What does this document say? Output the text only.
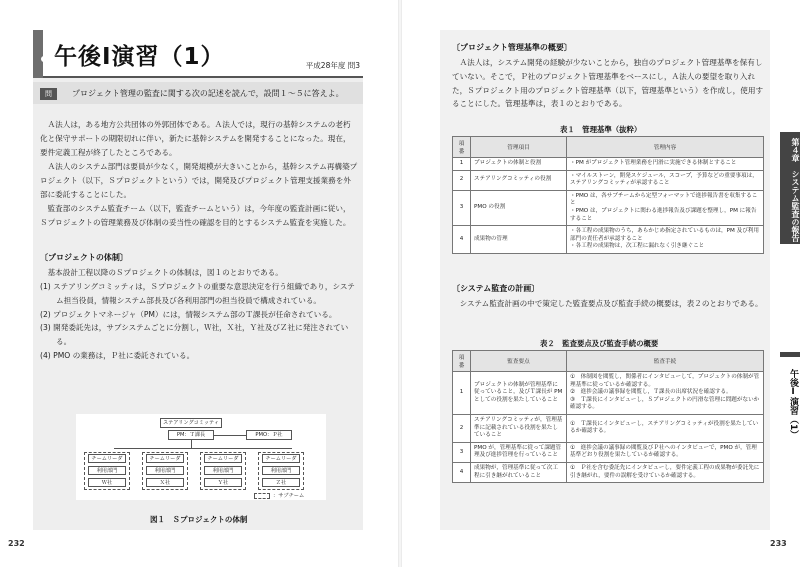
午後Ⅰ演習（1）	平成28年度 問3
問	プロジェクト管理の監査に関する次の記述を読んで，設問１～５に答えよ。
Ａ法人は，ある地方公共団体の外郭団体である。Ａ法人では，現行の基幹システムの老朽化と保守サポートの期限切れに伴い，新たに基幹システムを開発することになった。現在，要件定義工程が終了したところである。
Ａ法人のシステム部門は要員が少なく，開発規模が大きいことから，基幹システム再構築プロジェクト（以下，Ｓプロジェクトという）では，開発及びプロジェクト管理支援業務を外部に委託することにした。
監査部のシステム監査チーム（以下，監査チームという）は，今年度の監査計画に従い，Ｓプロジェクトの管理業務及び体制の妥当性の確認を目的とするシステム監査を実施した。
〔プロジェクトの体制〕
基本設計工程以降のＳプロジェクトの体制は，図１のとおりである。
(1) ステアリングコミッティは，Ｓプロジェクトの重要な意思決定を行う組織であり，システム担当役員，情報システム部長及び各利用部門の担当役員で構成されている。
(2) プロジェクトマネージャ（PM）には，情報システム部のＴ課長が任命されている。
(3) 開発委託先は，サブシステムごとに分割し，Ｗ社，Ｘ社，Ｙ社及びＺ社に発注されている。
(4) PMO の業務は，Ｐ社に委託されている。
ステアリングコミッティ
PM：Ｔ課長	PMO：Ｐ社
チームリーダ
利用部門
Ｗ社
チームリーダ
利用部門
Ｘ社
チームリーダ
利用部門
Ｙ社
チームリーダ
利用部門
Ｚ社
：サブチーム
図１　Ｓプロジェクトの体制
232
〔プロジェクト管理基準の概要〕
Ａ法人は，システム開発の経験が少ないことから，独自のプロジェクト管理基準を保有していない。そこで，Ｐ社のプロジェクト管理基準をベースにし，Ａ法人の要望を取り入れた，Ｓプロジェクト用のプロジェクト管理基準（以下，管理基準という）を作成し，使用することにした。管理基準は，表１のとおりである。
表１　管理基準（抜粋）
項番	管理項目	管理内容
1	プロジェクトの体制と役割	・PM がプロジェクト管理業務を円滑に実施できる体制とすること
2	ステアリングコミッティの役割	・マイルストーン，開発スケジュール，スコープ，予算などの重要事項は，ステアリングコミッティが承認すること
3	PMO の役割	・PMO は，各サブチームから定型フォーマットで進捗報告書を収集すること
・PMO は，プロジェクトに関わる進捗報告及び課題を整理し，PM に報告すること
4	成果物の管理	・各工程の成果物のうち，あらかじめ指定されているものは，PM 及び利用部門の責任者が承認すること
・各工程の成果物は，次工程に漏れなく引き継ぐこと
〔システム監査の計画〕
システム監査計画の中で策定した監査要点及び監査手続の概要は，表２のとおりである。
表２　監査要点及び監査手続の概要
項番	監査要点	監査手続
1	プロジェクトの体制が管理基準に従っていること，及びＴ課長が PM としての役割を果たしていること	①　体制図を閲覧し，関係者にインタビューして，プロジェクトの体制が管理基準に従っているか確認する。
②　進捗会議の議事録を閲覧し，Ｔ課長の出席状況を確認する。
③　Ｔ課長にインタビューし，Ｓプロジェクトの円滑な管理に問題がないか確認する。
2	ステアリングコミッティが，管理基準に記載されている役割を果たしていること	①　Ｔ課長にインタビューし，ステアリングコミッティが役割を果たしているか確認する。
3	PMO が，管理基準に従って課題管理及び進捗管理を行っていること	①　進捗会議の議事録の閲覧及びＰ社へのインタビューで，PMO が，管理基準どおり役割を果たしているか確認する。
4	成果物が，管理基準に従って次工程に引き継がれていること	①　Ｐ社を含む委託先にインタビューし，要件定義工程の成果物が委託先に引き継がれ，要件の誤解を受けているか確認する。
第４章　システム監査の報告
午後Ⅰ演習（1）
233
